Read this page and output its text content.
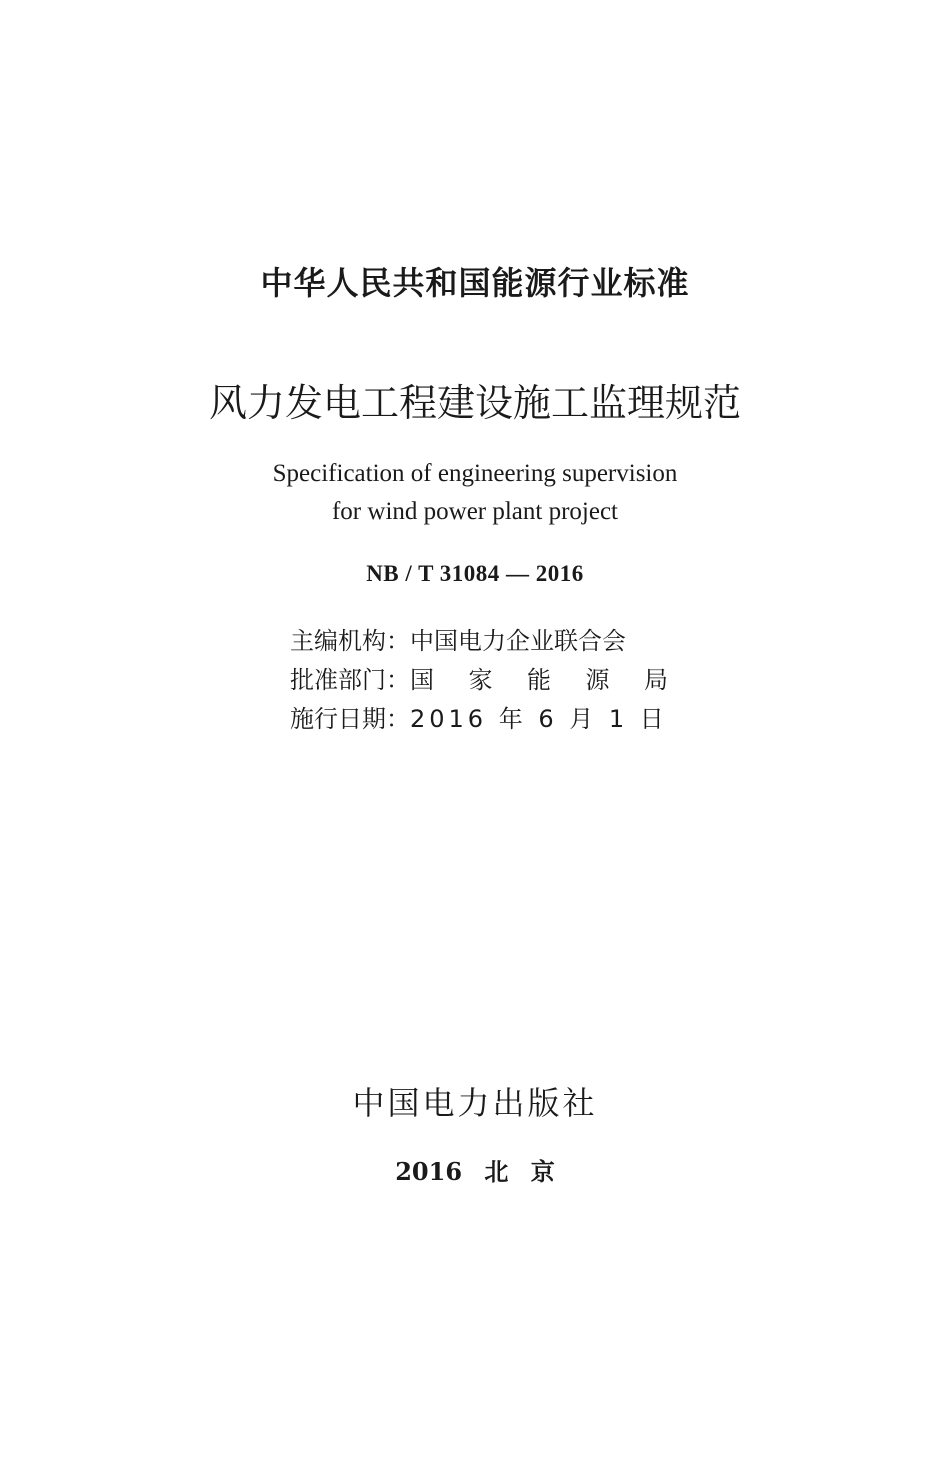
中华人民共和国能源行业标准
风力发电工程建设施工监理规范
Specification of engineering supervision
for wind power plant project
NB / T 31084 — 2016
主编机构： 中国电力企业联合会
批准部门： 国 家 能 源 局
施行日期： 2016 年 6 月 1 日
中国电力出版社
2016 北 京
